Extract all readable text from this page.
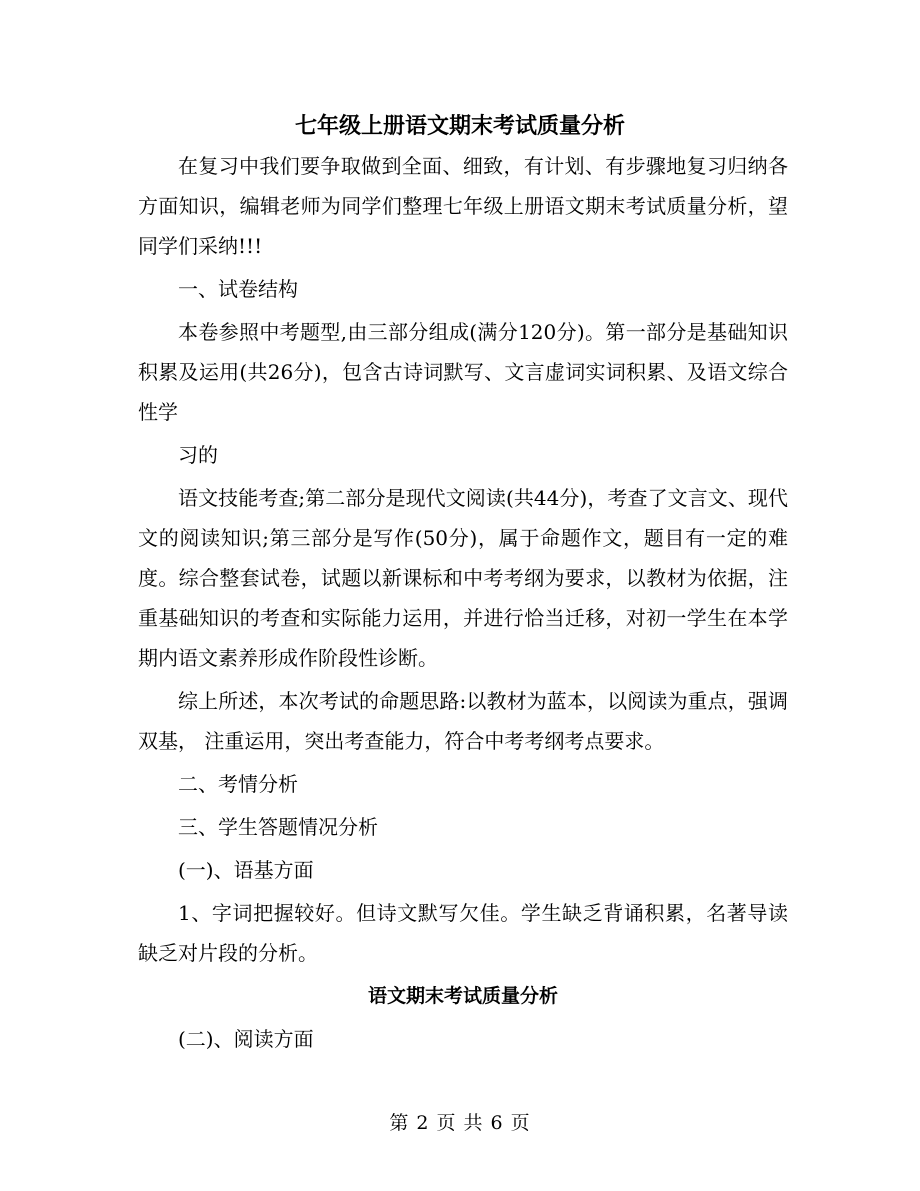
七年级上册语文期末考试质量分析

在复习中我们要争取做到全面、细致，有计划、有步骤地复习归纳各方面知识，编辑老师为同学们整理七年级上册语文期末考试质量分析，望同学们采纳!!!

一、试卷结构

本卷参照中考题型,由三部分组成(满分120分)。第一部分是基础知识积累及运用(共26分)，包含古诗词默写、文言虚词实词积累、及语文综合性学

习的

语文技能考查;第二部分是现代文阅读(共44分)，考查了文言文、现代文的阅读知识;第三部分是写作(50分)，属于命题作文，题目有一定的难度。综合整套试卷，试题以新课标和中考考纲为要求，以教材为依据，注重基础知识的考查和实际能力运用，并进行恰当迁移，对初一学生在本学期内语文素养形成作阶段性诊断。

综上所述，本次考试的命题思路:以教材为蓝本，以阅读为重点，强调双基， 注重运用，突出考查能力，符合中考考纲考点要求。

二、考情分析

三、学生答题情况分析

(一)、语基方面

1、字词把握较好。但诗文默写欠佳。学生缺乏背诵积累，名著导读缺乏对片段的分析。

语文期末考试质量分析

(二)、阅读方面

第 2 页 共 6 页
